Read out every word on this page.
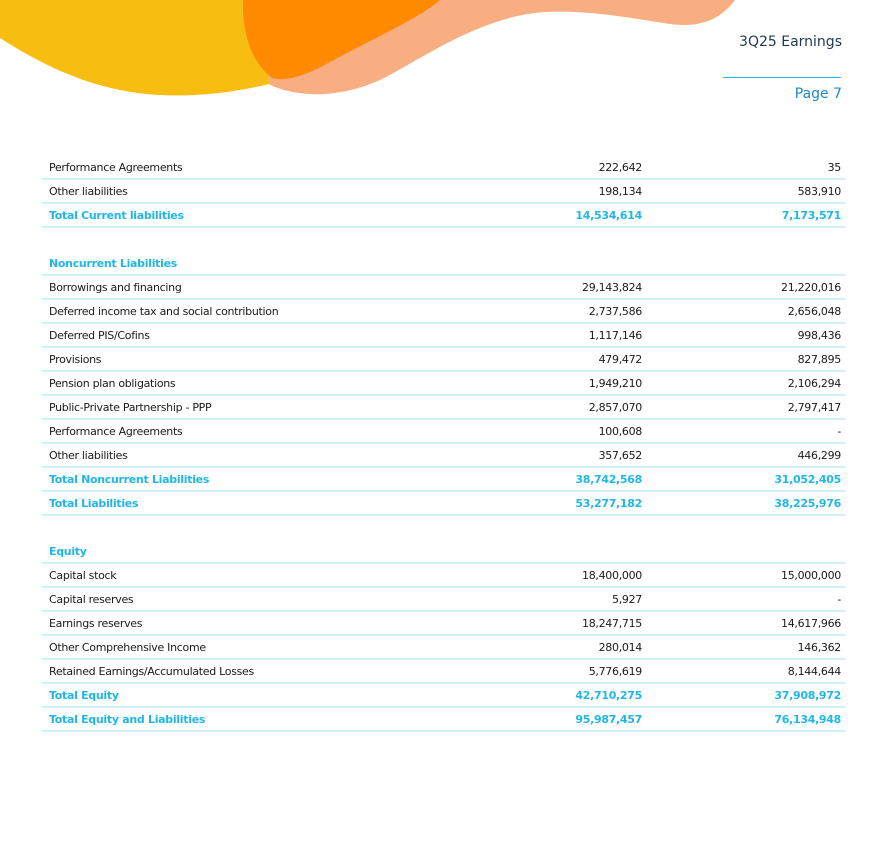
3Q25 Earnings
Page 7
Performance Agreements	222,642	35
Other liabilities	198,134	583,910
Total Current liabilities	14,534,614	7,173,571
Noncurrent Liabilities
Borrowings and financing	29,143,824	21,220,016
Deferred income tax and social contribution	2,737,586	2,656,048
Deferred PIS/Cofins	1,117,146	998,436
Provisions	479,472	827,895
Pension plan obligations	1,949,210	2,106,294
Public-Private Partnership - PPP	2,857,070	2,797,417
Performance Agreements	100,608	-
Other liabilities	357,652	446,299
Total Noncurrent Liabilities	38,742,568	31,052,405
Total Liabilities	53,277,182	38,225,976
Equity
Capital stock	18,400,000	15,000,000
Capital reserves	5,927	-
Earnings reserves	18,247,715	14,617,966
Other Comprehensive Income	280,014	146,362
Retained Earnings/Accumulated Losses	5,776,619	8,144,644
Total Equity	42,710,275	37,908,972
Total Equity and Liabilities	95,987,457	76,134,948
